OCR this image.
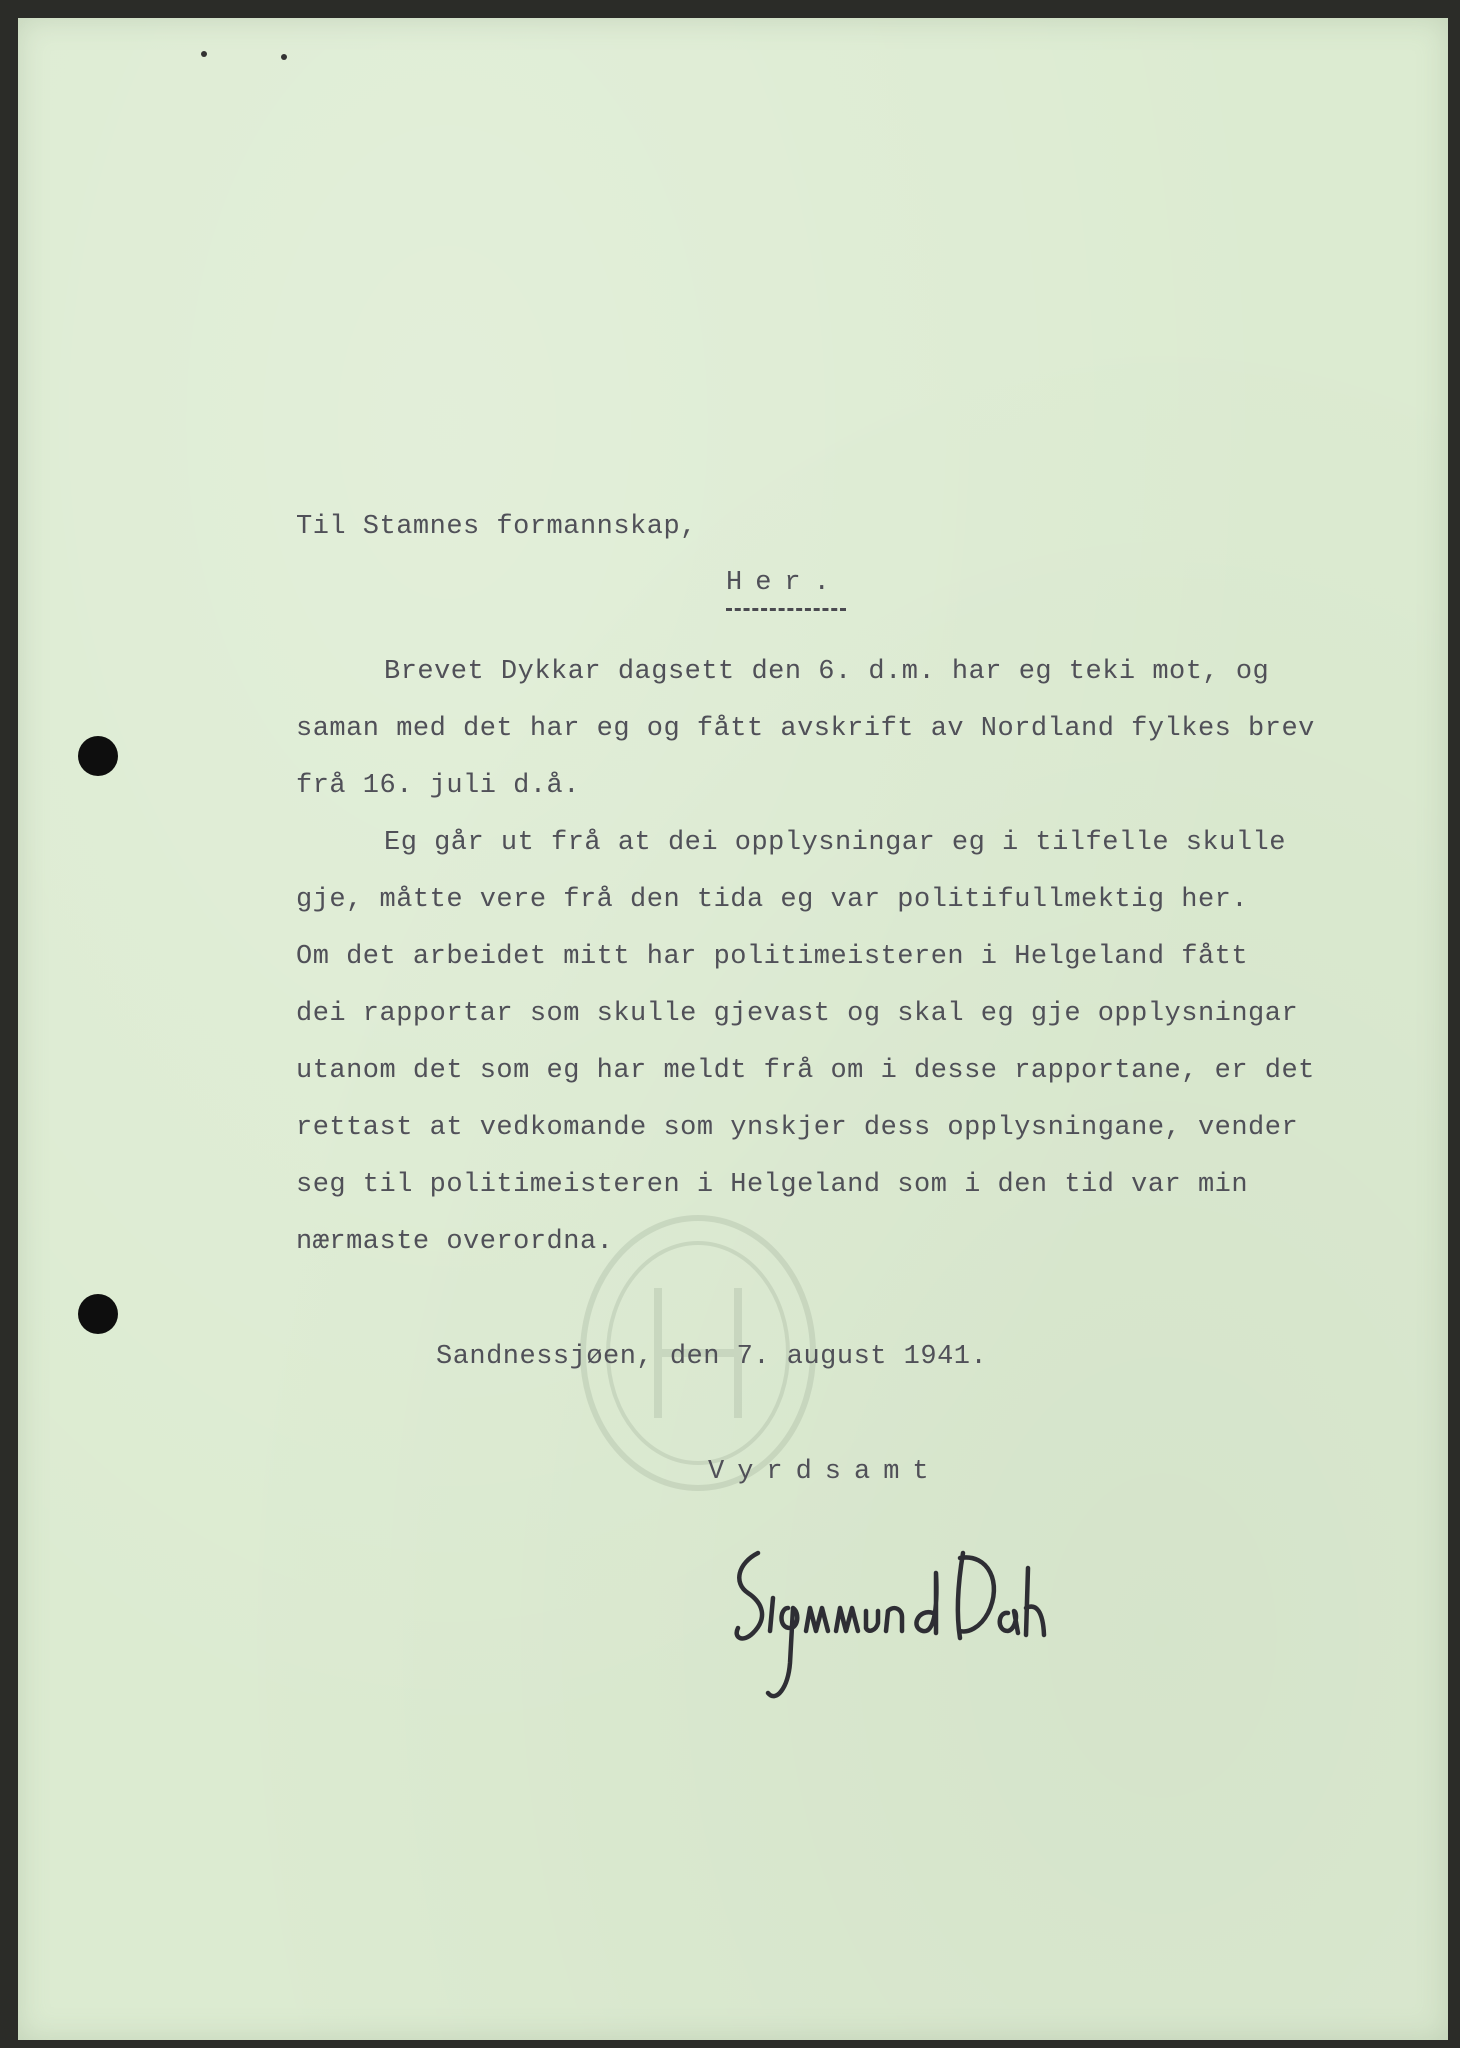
Til Stamnes formannskap,
Her.
Brevet Dykkar dagsett den 6. d.m. har eg teki mot, og
saman med det har eg og fått avskrift av Nordland fylkes brev
frå 16. juli d.å.
Eg går ut frå at dei opplysningar eg i tilfelle skulle
gje, måtte vere frå den tida eg var politifullmektig her.
Om det arbeidet mitt har politimeisteren i Helgeland fått
dei rapportar som skulle gjevast og skal eg gje opplysningar
utanom det som eg har meldt frå om i desse rapportane, er det
rettast at vedkomande som ynskjer dess opplysningane, vender
seg til politimeisteren i Helgeland som i den tid var min
nærmaste overordna.
Sandnessjøen, den 7. august 1941.
Vyrdsamt
